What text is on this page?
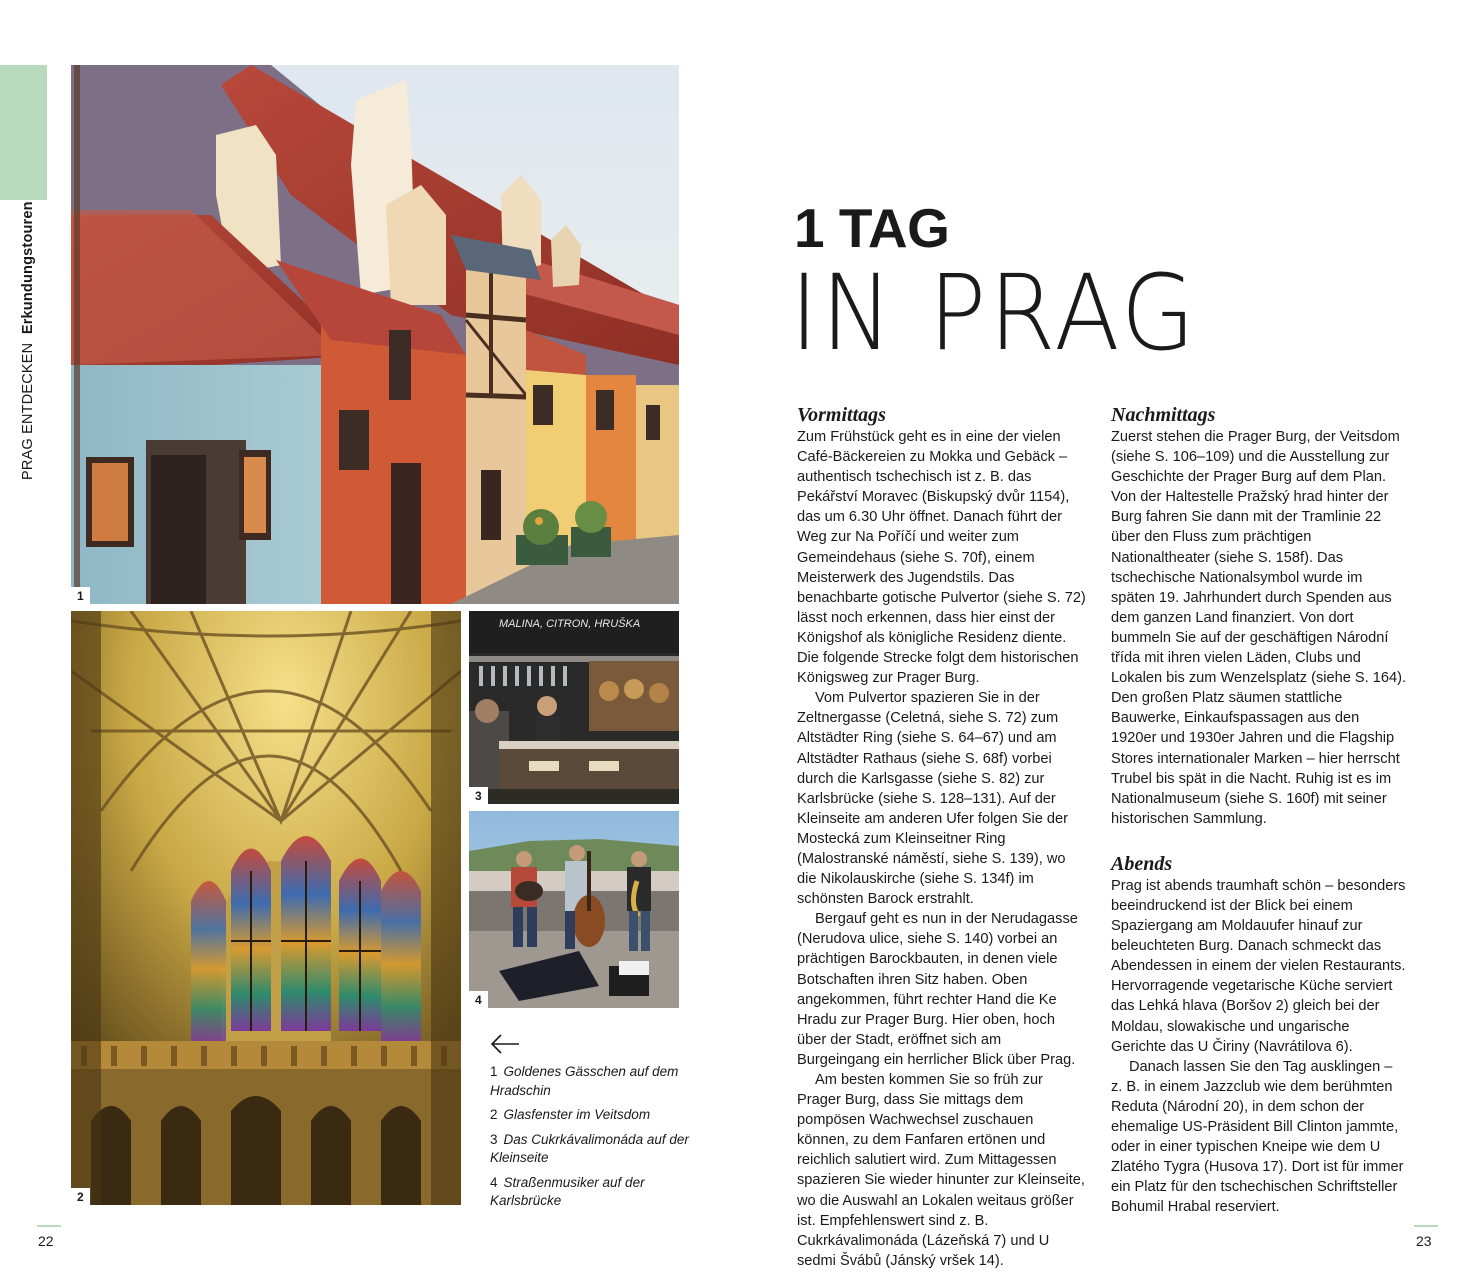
PRAG ENTDECKEN  Erkundungstouren
1
2
MALINA, CITRON, HRUŠKA
3
4
1 Goldenes Gässchen auf dem Hradschin
2 Glasfenster im Veitsdom
3 Das Cukrkávalimonáda auf der Kleinseite
4 Straßenmusiker auf der Karlsbrücke
1 TAG
IN PRAG
Vormittags

Zum Frühstück geht es in eine der vielen Café-Bäckereien zu Mokka und Gebäck – authentisch tschechisch ist z. B. das Pekářství Moravec (Biskupský dvůr 1154), das um 6.30 Uhr öffnet. Danach führt der Weg zur Na Poříčí und weiter zum Gemeindehaus (siehe S. 70f), einem Meisterwerk des Jugendstils. Das benachbarte gotische Pulvertor (siehe S. 72) lässt noch erkennen, dass hier einst der Königshof als königliche Residenz diente. Die folgende Strecke folgt dem historischen Königsweg zur Prager Burg.

Vom Pulvertor spazieren Sie in der Zeltnergasse (Celetná, siehe S. 72) zum Altstädter Ring (siehe S. 64–67) und am Altstädter Rathaus (siehe S. 68f) vorbei durch die Karlsgasse (siehe S. 82) zur Karlsbrücke (siehe S. 128–131). Auf der Kleinseite am anderen Ufer folgen Sie der Mostecká zum Kleinseitner Ring (Malostranské náměstí, siehe S. 139), wo die Nikolauskirche (siehe S. 134f) im schönsten Barock erstrahlt.

Bergauf geht es nun in der Nerudagasse (Nerudova ulice, siehe S. 140) vorbei an prächtigen Barockbauten, in denen viele Botschaften ihren Sitz haben. Oben angekommen, führt rechter Hand die Ke Hradu zur Prager Burg. Hier oben, hoch über der Stadt, eröffnet sich am Burgeingang ein herrlicher Blick über Prag.

Am besten kommen Sie so früh zur Prager Burg, dass Sie mittags dem pompösen Wachwechsel zuschauen können, zu dem Fanfaren ertönen und reichlich salutiert wird. Zum Mittagessen spazieren Sie wieder hinunter zur Kleinseite, wo die Auswahl an Lokalen weitaus größer ist. Empfehlenswert sind z. B. Cukrkávalimonáda (Lázeňská 7) und U sedmi Švábů (Jánský vršek 14).

Nachmittags

Zuerst stehen die Prager Burg, der Veitsdom (siehe S. 106–109) und die Ausstellung zur Geschichte der Prager Burg auf dem Plan. Von der Haltestelle Pražský hrad hinter der Burg fahren Sie dann mit der Tramlinie 22 über den Fluss zum prächtigen Nationaltheater (siehe S. 158f). Das tschechische Nationalsymbol wurde im späten 19. Jahrhundert durch Spenden aus dem ganzen Land finanziert. Von dort bummeln Sie auf der geschäftigen Národní třída mit ihren vielen Läden, Clubs und Lokalen bis zum Wenzelsplatz (siehe S. 164). Den großen Platz säumen stattliche Bauwerke, Einkaufspassagen aus den 1920er und 1930er Jahren und die Flagship Stores internationaler Marken – hier herrscht Trubel bis spät in die Nacht. Ruhig ist es im Nationalmuseum (siehe S. 160f) mit seiner historischen Sammlung.

Abends

Prag ist abends traumhaft schön – besonders beeindruckend ist der Blick bei einem Spaziergang am Moldauufer hinauf zur beleuchteten Burg. Danach schmeckt das Abendessen in einem der vielen Restaurants. Hervorragende vegetarische Küche serviert das Lehká hlava (Boršov 2) gleich bei der Moldau, slowakische und ungarische Gerichte das U Čiriny (Navrátilova 6).

Danach lassen Sie den Tag ausklingen – z. B. in einem Jazzclub wie dem berühmten Reduta (Národní 20), in dem schon der ehemalige US-Präsident Bill Clinton jammte, oder in einer typischen Kneipe wie dem U Zlatého Tygra (Husova 17). Dort ist für immer ein Platz für den tschechischen Schriftsteller Bohumil Hrabal reserviert.

22	23
